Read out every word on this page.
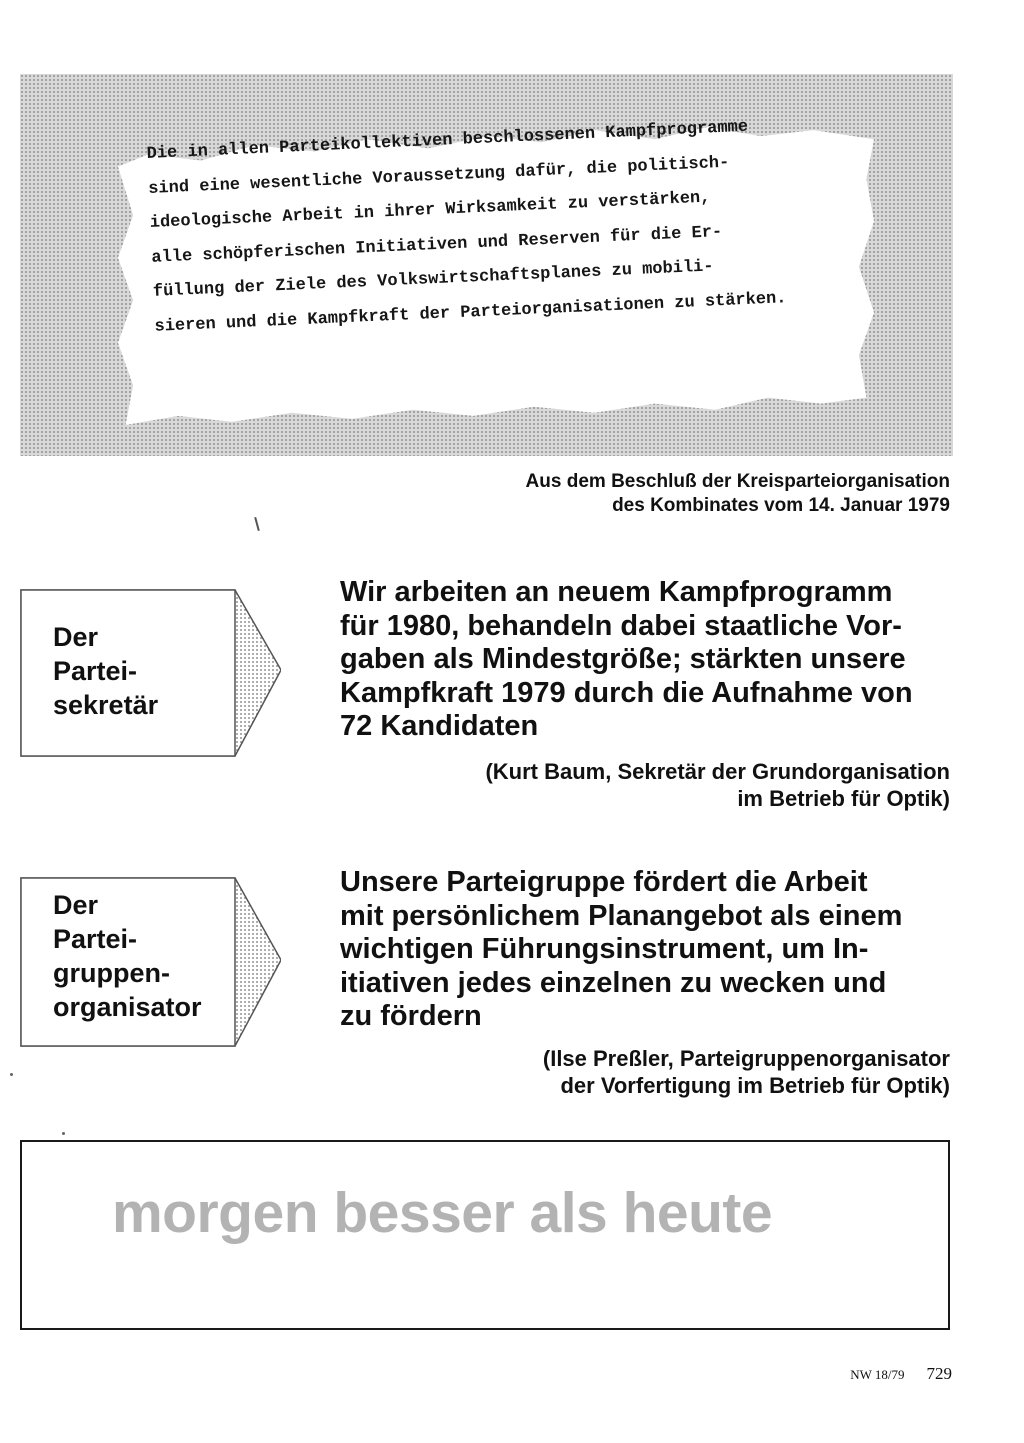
Die in allen Parteikollektiven beschlossenen Kampfprogramme
sind eine wesentliche Voraussetzung dafür, die politisch-
ideologische Arbeit in ihrer Wirksamkeit zu verstärken,
alle schöpferischen Initiativen und Reserven für die Er-
füllung der Ziele des Volkswirtschaftsplanes zu mobili-
sieren und die Kampfkraft der Parteiorganisationen zu stärken.

Aus dem Beschluß der Kreisparteiorganisation
des Kombinates vom 14. Januar 1979

Der
Partei-
sekretär

Wir arbeiten an neuem Kampfprogramm
für 1980, behandeln dabei staatliche Vor-
gaben als Mindestgröße; stärkten unsere
Kampfkraft 1979 durch die Aufnahme von
72 Kandidaten

(Kurt Baum, Sekretär der Grundorganisation
im Betrieb für Optik)

Der
Partei-
gruppen-
organisator

Unsere Parteigruppe fördert die Arbeit
mit persönlichem Planangebot als einem
wichtigen Führungsinstrument, um In-
itiativen jedes einzelnen zu wecken und
zu fördern

(Ilse Preßler, Parteigruppenorganisator
der Vorfertigung im Betrieb für Optik)

morgen besser als heute

NW 18/79 729
